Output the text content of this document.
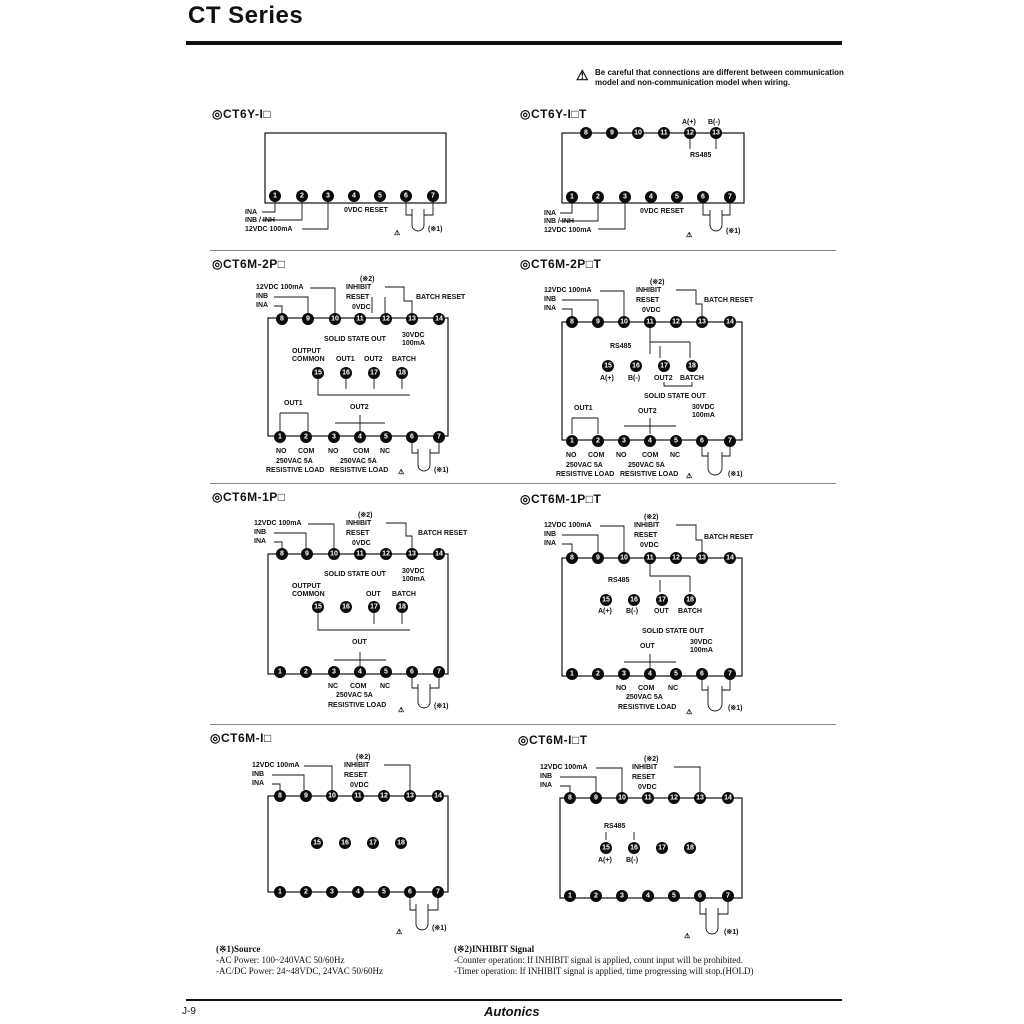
CT Series
⚠ Be careful that connections are different between communication model and non-communication model when wiring.
◎CT6Y-I□	◎CT6Y-I□T
◎CT6M-2P□	◎CT6M-2P□T
◎CT6M-1P□	◎CT6M-1P□T
◎CT6M-I□	◎CT6M-I□T
1	2	3	4	5	6	7
INA
INB / INH
12VDC 100mA
0VDC RESET
⚠
(※1)
8	9	10	11	12	13
1	2	3	4	5	6	7
A(+) B(-)
RS485
INA
INB / INH
12VDC 100mA
0VDC RESET
⚠
(※1)
(※2)
INHIBIT
RESET
0VDC
BATCH RESET
12VDC 100mA
INB
INA
8	9	10 11	12	13	14
SOLID STATE OUT
30VDC
100mA
OUTPUT
COMMON OUT1 OUT2 BATCH
15	16	17	18
OUT1
OUT2
1	2	3	4	5	6	7
NO COM NO COM NC
250VAC 5A	250VAC 5A
RESISTIVE LOAD RESISTIVE LOAD ⚠	(※1)
(※2)
INHIBIT
RESET
0VDC
BATCH RESET
12VDC 100mA
INB
INA
8	9	10	11	12	13	14
RS485
15	16	17	18
A(+) B(-) OUT2 BATCH
SOLID STATE OUT
OUT1	OUT2
30VDC
100mA
1	2	3	4	5	6	7
NO COM NO COM NC
250VAC 5A	250VAC 5A
RESISTIVE LOAD RESISTIVE LOAD ⚠	(※1)
(※2)
INHIBIT
RESET
0VDC
BATCH RESET
12VDC 100mA
INB
INA
8	9	10	11	12	13	14
SOLID STATE OUT 30VDC
100mA
OUTPUT
COMMON	OUT BATCH
15	16	17	18
OUT
1	2	3	4	5	6	7
NC COM NC
250VAC 5A
RESISTIVE LOAD
⚠
(※1)
(※2)
INHIBIT
RESET
0VDC
BATCH RESET
12VDC 100mA
INB
INA
8	9	10	11	12	13	14
RS485
15	16	17	18
A(+) B(-) OUT BATCH
SOLID STATE OUT
OUT
30VDC
100mA
1	2	3	4	5	6	7
NO COM NC
250VAC 5A
RESISTIVE LOAD
⚠
(※1)
(※2)
INHIBIT
RESET
0VDC
12VDC 100mA
INB
INA
8	9	10	11	12	13	14
15	16	17	18
1	2	3	4	5	6	7
⚠
(※1)
(※2)
INHIBIT
RESET
0VDC
12VDC 100mA
INB
INA
8	9	10	11	12	13	14
RS485
15	16	17	18
A(+) B(-)
1	2	3	4	5	6	7
⚠
(※1)
(※1)Source
-AC Power: 100~240VAC 50/60Hz
-AC/DC Power: 24~48VDC, 24VAC 50/60Hz
(※2)INHIBIT Signal
-Counter operation: If INHIBIT signal is applied, count input will be prohibited.
-Timer operation: If INHIBIT signal is applied, time progressing will stop.(HOLD)
J-9	Autonics
